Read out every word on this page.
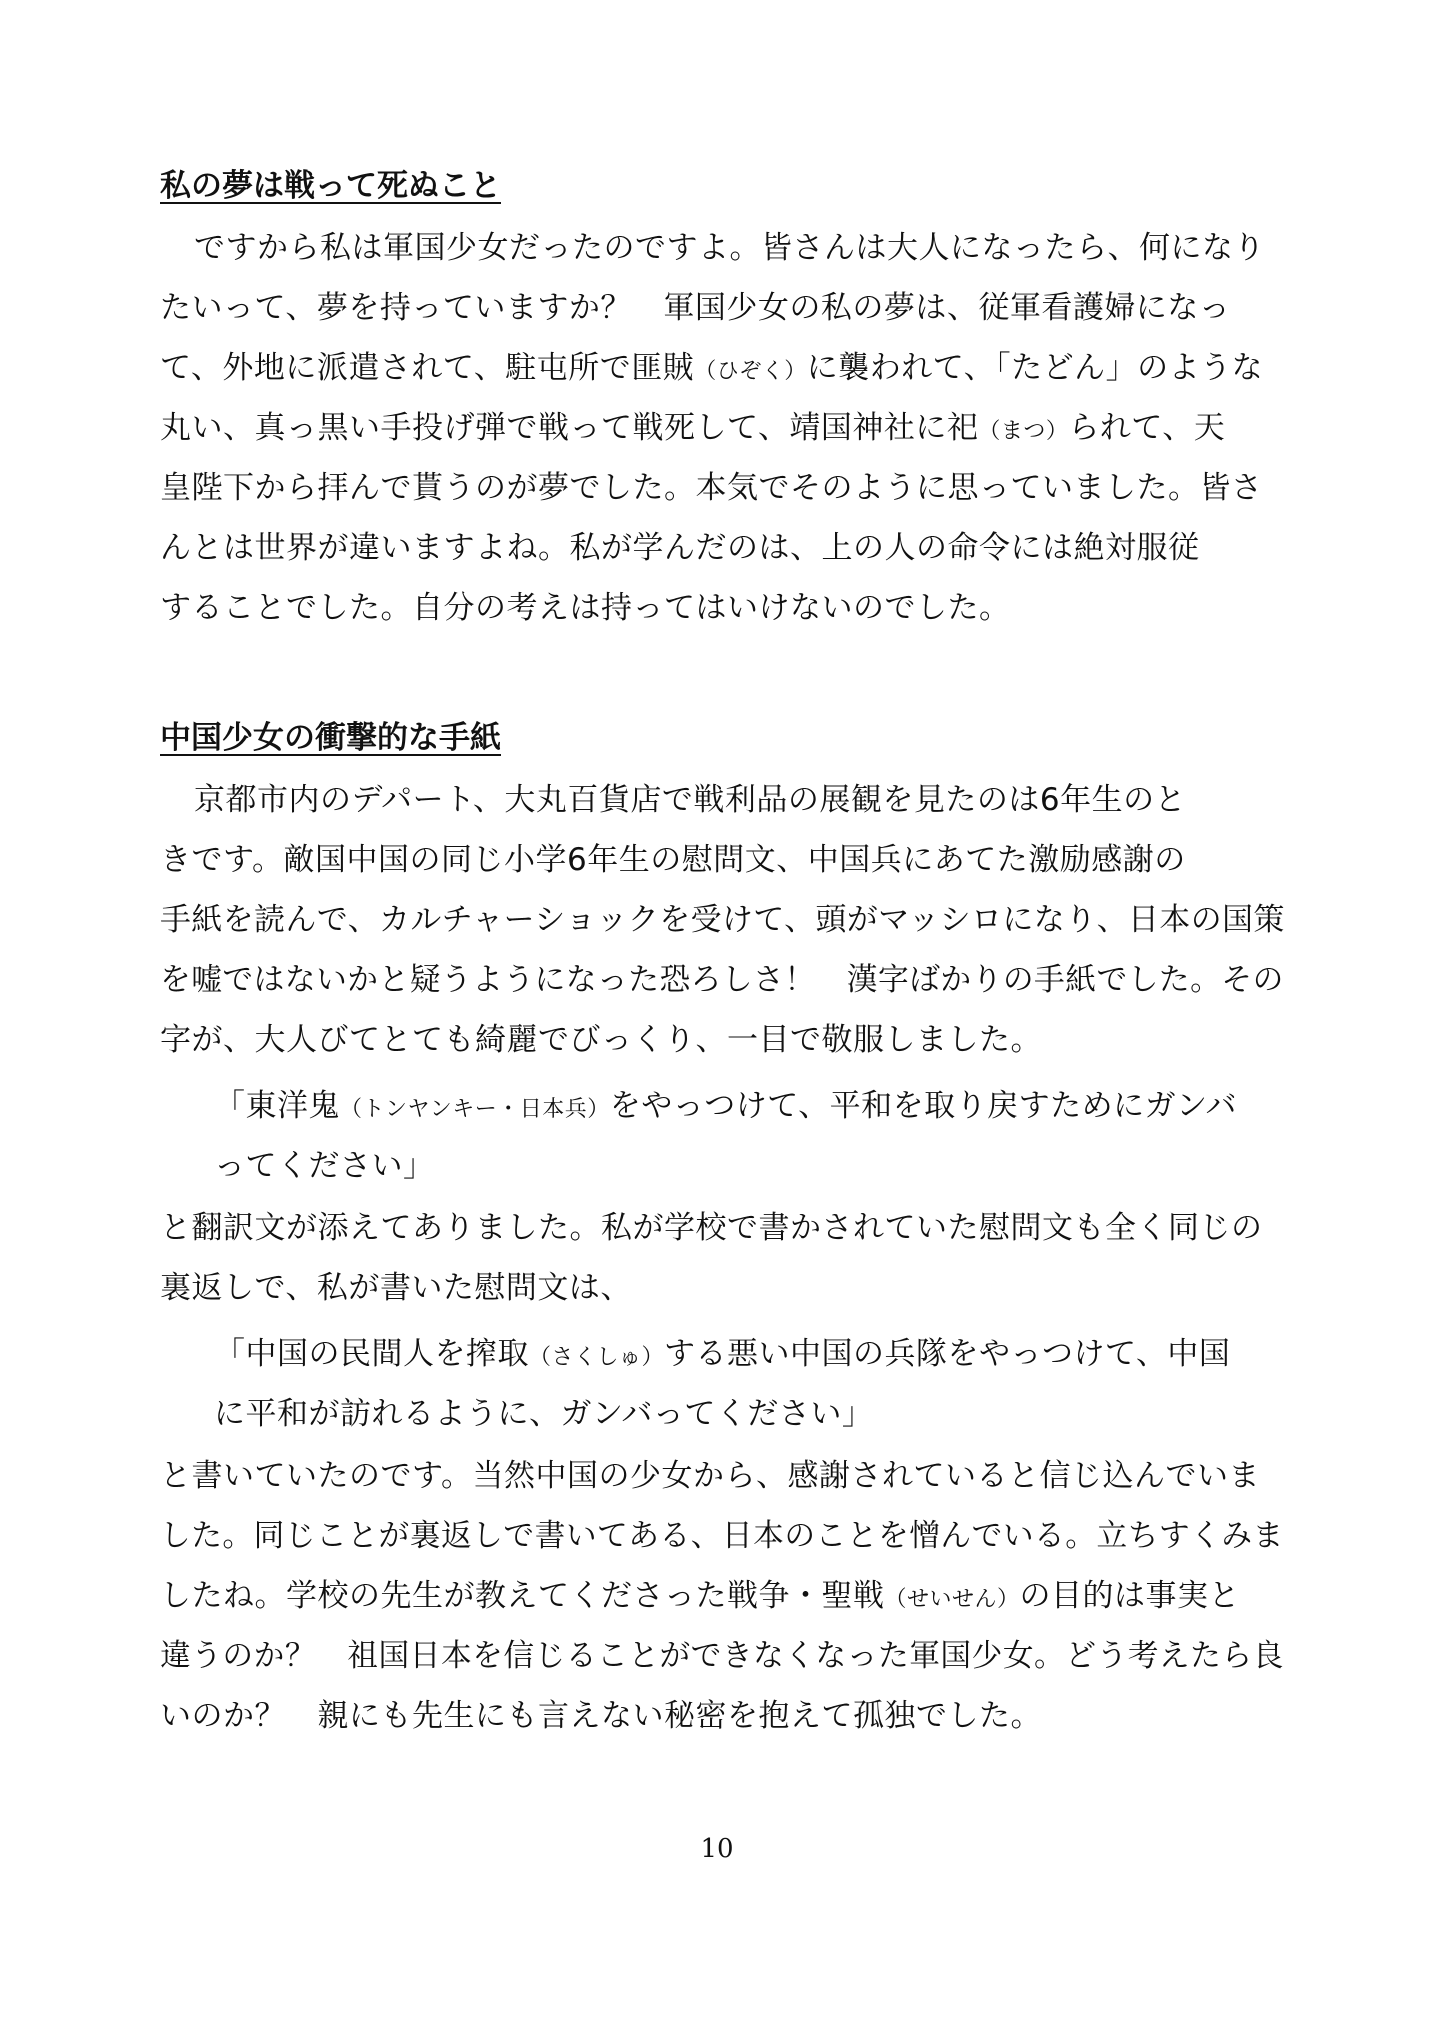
私の夢は戦って死ぬこと

ですから私は軍国少女だったのですよ。皆さんは大人になったら、何になり

たいって、夢を持っていますか？　軍国少女の私の夢は、従軍看護婦になっ

て、外地に派遣されて、駐屯所で匪賊（ひぞく）に襲われて、「たどん」のような

丸い、真っ黒い手投げ弾で戦って戦死して、靖国神社に祀（まつ）られて、天

皇陛下から拝んで貰うのが夢でした。本気でそのように思っていました。皆さ

んとは世界が違いますよね。私が学んだのは、上の人の命令には絶対服従

することでした。自分の考えは持ってはいけないのでした。

中国少女の衝撃的な手紙

京都市内のデパート、大丸百貨店で戦利品の展観を見たのは6年生のと

きです。敵国中国の同じ小学6年生の慰問文、中国兵にあてた激励感謝の

手紙を読んで、カルチャーショックを受けて、頭がマッシロになり、日本の国策

を嘘ではないかと疑うようになった恐ろしさ！　漢字ばかりの手紙でした。その

字が、大人びてとても綺麗でびっくり、一目で敬服しました。

「東洋鬼（トンヤンキー・日本兵）をやっつけて、平和を取り戻すためにガンバ

ってください」

と翻訳文が添えてありました。私が学校で書かされていた慰問文も全く同じの

裏返しで、私が書いた慰問文は、

「中国の民間人を搾取（さくしゅ）する悪い中国の兵隊をやっつけて、中国

に平和が訪れるように、ガンバってください」

と書いていたのです。当然中国の少女から、感謝されていると信じ込んでいま

した。同じことが裏返しで書いてある、日本のことを憎んでいる。立ちすくみま

したね。学校の先生が教えてくださった戦争・聖戦（せいせん）の目的は事実と

違うのか？　祖国日本を信じることができなくなった軍国少女。どう考えたら良

いのか？　親にも先生にも言えない秘密を抱えて孤独でした。

10
